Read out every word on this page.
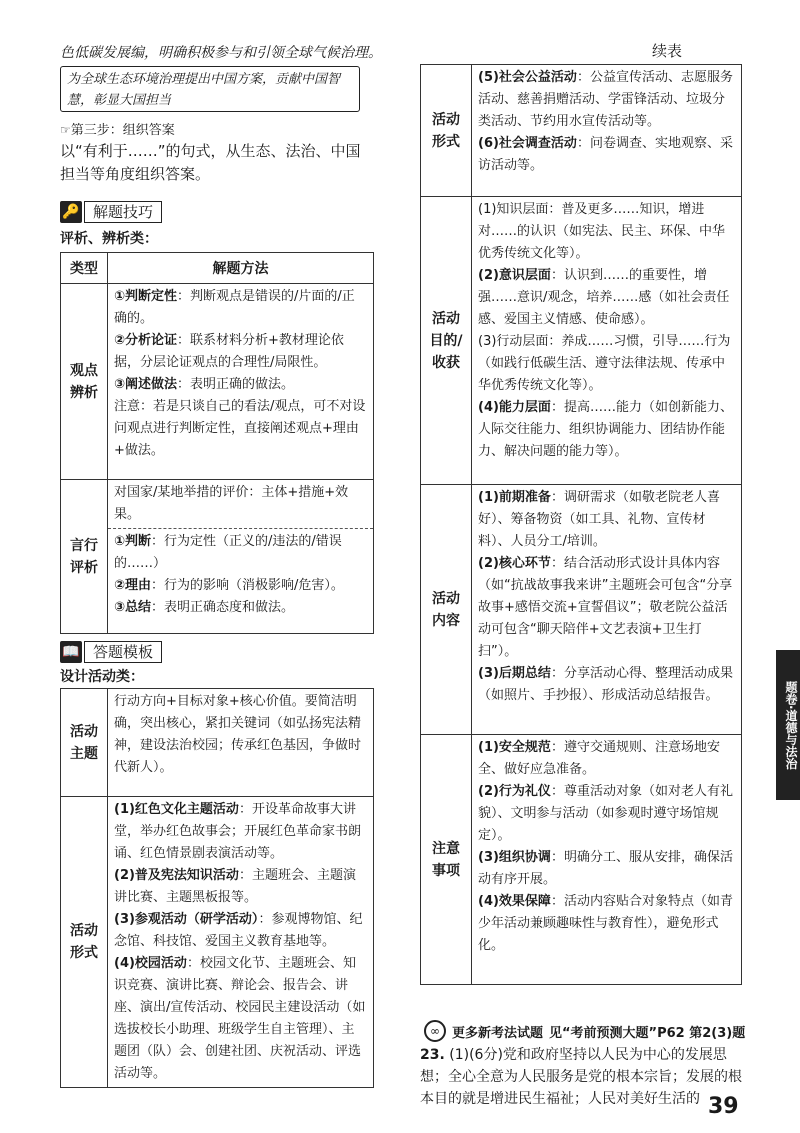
色低碳发展编，明确积极参与和引领全球气候治理。
为全球生态环境治理提出中国方案，贡献中国智慧，彰显大国担当
☞第三步：组织答案
以“有利于……”的句式，从生态、法治、中国担当等角度组织答案。
🔑 解题技巧
评析、辨析类：
类型	解题方法
观点辨析	①判断定性：判断观点是错误的/片面的/正确的。
②分析论证：联系材料分析+教材理论依据，分层论证观点的合理性/局限性。
③阐述做法：表明正确的做法。
注意：若是只谈自己的看法/观点，可不对设问观点进行判断定性，直接阐述观点+理由+做法。

言行评析	对国家/某地举措的评价：主体+措施+效果。
①判断：行为定性（正义的/违法的/错误的……）
②理由：行为的影响（消极影响/危害）。
③总结：表明正确态度和做法。
📖 答题模板
设计活动类：
活动主题	行动方向+目标对象+核心价值。要简洁明确，突出核心，紧扣关键词（如弘扬宪法精神，建设法治校园；传承红色基因，争做时代新人）。
活动形式	(1)红色文化主题活动：开设革命故事大讲堂，举办红色故事会；开展红色革命家书朗诵、红色情景剧表演活动等。
(2)普及宪法知识活动：主题班会、主题演讲比赛、主题黑板报等。
(3)参观活动（研学活动）：参观博物馆、纪念馆、科技馆、爱国主义教育基地等。
(4)校园活动：校园文化节、主题班会、知识竞赛、演讲比赛、辩论会、报告会、讲座、演出/宣传活动、校园民主建设活动（如选拔校长小助理、班级学生自主管理）、主题团（队）会、创建社团、庆祝活动、评选活动等。
续表
活动形式	(5)社会公益活动：公益宣传活动、志愿服务活动、慈善捐赠活动、学雷锋活动、垃圾分类活动、节约用水宣传活动等。
(6)社会调查活动：问卷调查、实地观察、采访活动等。

活动目的/收获	(1)知识层面：普及更多……知识，增进对……的认识（如宪法、民主、环保、中华优秀传统文化等）。
(2)意识层面：认识到……的重要性，增强……意识/观念，培养……感（如社会责任感、爱国主义情感、使命感）。
(3)行动层面：养成……习惯，引导……行为（如践行低碳生活、遵守法律法规、传承中华优秀传统文化等）。
(4)能力层面：提高……能力（如创新能力、人际交往能力、组织协调能力、团结协作能力、解决问题的能力等）。

活动内容	(1)前期准备：调研需求（如敬老院老人喜好）、筹备物资（如工具、礼物、宣传材料）、人员分工/培训。
(2)核心环节：结合活动形式设计具体内容（如“抗战故事我来讲”主题班会可包含“分享故事+感悟交流+宣誓倡议”；敬老院公益活动可包含“聊天陪伴+文艺表演+卫生打扫”）。
(3)后期总结：分享活动心得、整理活动成果（如照片、手抄报）、形成活动总结报告。

注意事项	(1)安全规范：遵守交通规则、注意场地安全、做好应急准备。
(2)行为礼仪：尊重活动对象（如对老人有礼貌）、文明参与活动（如参观时遵守场馆规定）。
(3)组织协调：明确分工、服从安排，确保活动有序开展。
(4)效果保障：活动内容贴合对象特点（如青少年活动兼顾趣味性与教育性），避免形式化。
∞ 更多新考法试题 见“考前预测大题”P62 第2(3)题
23. (1)(6分)党和政府坚持以人民为中心的发展思想；全心全意为人民服务是党的根本宗旨；发展的根本目的就是增进民生福祉；人民对美好生活的
题卷·道德与法治
39
